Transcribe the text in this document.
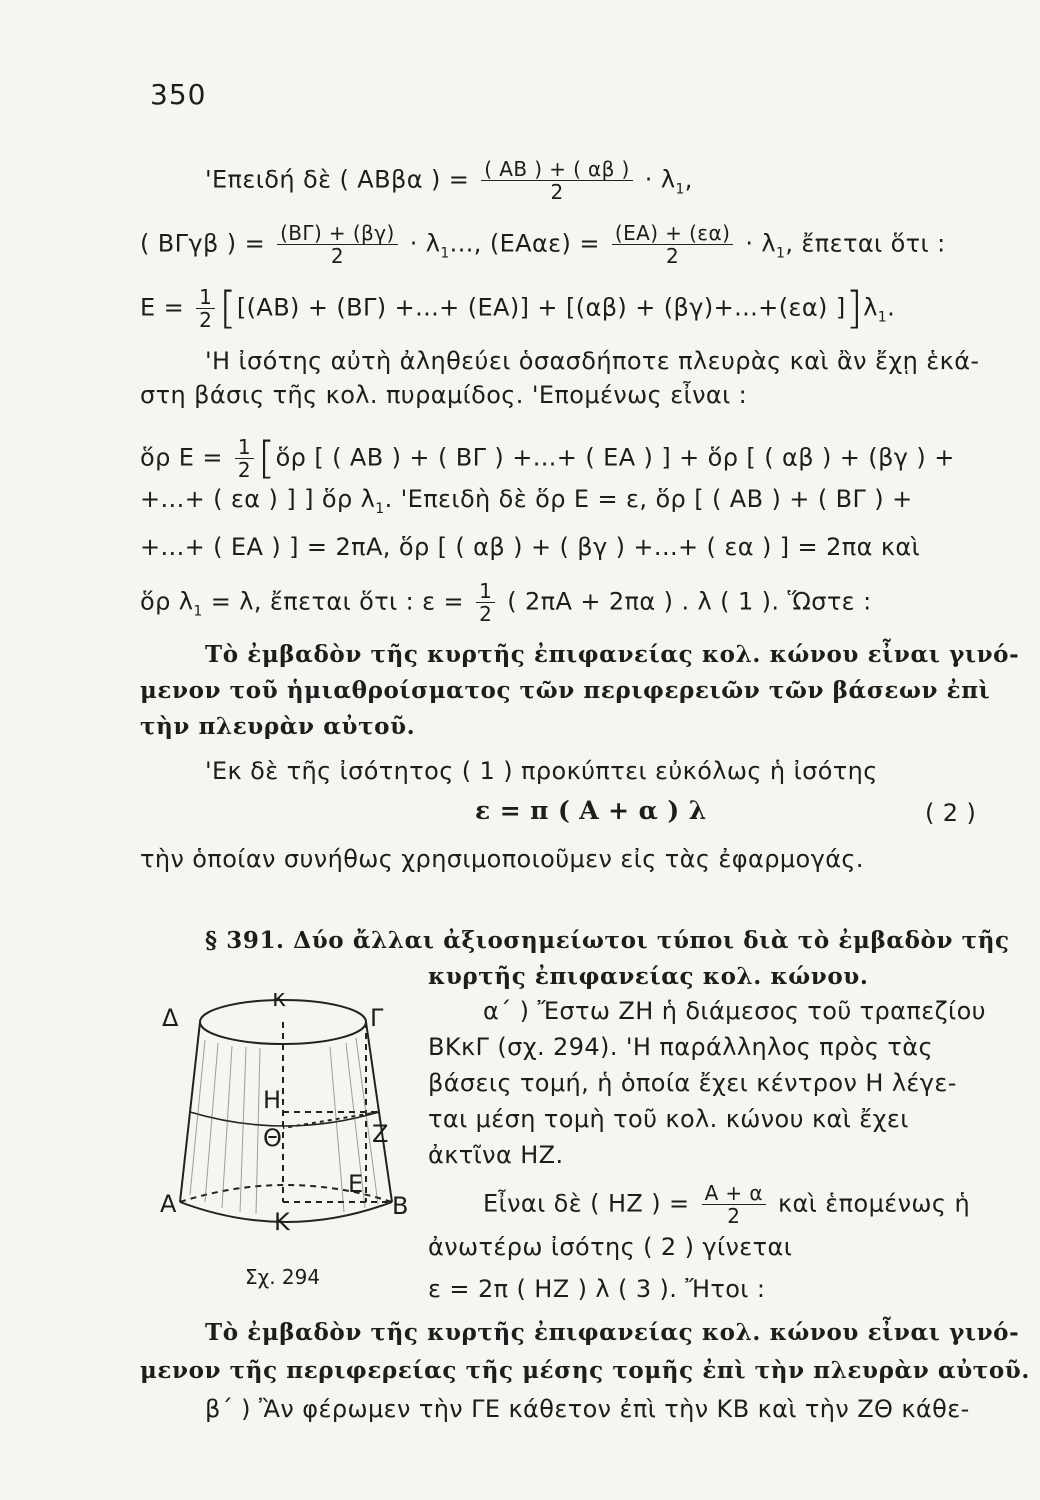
350
'Επειδή δὲ ( ΑΒβα ) = $\frac{( AB ) + ( \alpha\beta )}{2} \cdot \lambda_1$,
( ΒΓγβ ) = $\frac{(B\Gamma) + (\beta\gamma)}{2} \cdot \lambda_1$..., $(EA\alpha\varepsilon) = \frac{(EA) + (\varepsilon\alpha)}{2} \cdot \lambda_1$, ἔπεται ὅτι :
$E = \frac{1}{2} [[(AB) + (B\Gamma)$ +...+ (ΕΑ)] + [(αβ) + (βγ)+...+(εα) ]]$\lambda_1$.
'Η ἰσότης αὐτὴ ἀληθεύει ὁσασδήποτε πλευρὰς καὶ ἂν ἔχῃ ἑκά-
στη βάσις τῆς κολ. πυραμίδος. 'Επομένως εἶναι :
ὅρ $E = \frac{1}{2}$ [ὅρ [ ( ΑΒ ) + ( ΒΓ ) +...+ ( ΕΑ ) ] + ὅρ [ ( αβ ) + (βγ ) +
+...+ ( εα ) ] ] ὅρ $\lambda_1$. 'Επειδὴ δὲ ὅρ Ε = ε, ὅρ [ ( ΑΒ ) + ( ΒΓ ) +
+...+ ( ΕΑ ) ] = 2πΑ, ὅρ [ ( αβ ) + ( βγ ) +...+ ( εα ) ] = 2πα καὶ
ὅρ $\lambda_1 = \lambda$, ἔπεται ὅτι : $\varepsilon = \frac{1}{2}$ ( 2πΑ + 2πα ) . λ ( 1 ). Ὥστε :
Τὸ ἐμβαδὸν τῆς κυρτῆς ἐπιφανείας κολ. κώνου εἶναι γινό-
μενον τοῦ ἡμιαθροίσματος τῶν περιφερειῶν τῶν βάσεων ἐπὶ
τὴν πλευρὰν αὐτοῦ.
'Εκ δὲ τῆς ἰσότητος ( 1 ) προκύπτει εὐκόλως ἡ ἰσότης
ε = π ( Α + α ) λ	( 2 )
τὴν ὁποίαν συνήθως χρησιμοποιοῦμεν εἰς τὰς ἐφαρμογάς.
§ 391. Δύο ἄλλαι ἀξιοσημείωτοι τύποι διὰ τὸ ἐμβαδὸν τῆς
κυρτῆς ἐπιφανείας κολ. κώνου.
α΄ ) Ἔστω ΖΗ ἡ διάμεσος τοῦ τραπεζίου
ΒΚκΓ (σχ. 294). 'Η παράλληλος πρὸς τὰς
βάσεις τομή, ἡ ὁποία ἔχει κέντρον Η λέγε-
ται μέση τομὴ τοῦ κολ. κώνου καὶ ἔχει
ἀκτῖνα ΗΖ.
Εἶναι δὲ ( ΗΖ ) = $\frac{A + \alpha}{2}$ καὶ ἑπομένως ἡ
ἀνωτέρω ἰσότης ( 2 ) γίνεται
ε = 2π ( ΗΖ ) λ ( 3 ). Ἤτοι :
Τὸ ἐμβαδὸν τῆς κυρτῆς ἐπιφανείας κολ. κώνου εἶναι γινό-
μενον τῆς περιφερείας τῆς μέσης τομῆς ἐπὶ τὴν πλευρὰν αὐτοῦ.
β΄ ) Ἂν φέρωμεν τὴν ΓΕ κάθετον ἐπὶ τὴν ΚΒ καὶ τὴν ΖΘ κάθε-
Δ
κ
Γ
Η
Ζ
Θ
Α
Ε
Β
Κ
Σχ. 294
